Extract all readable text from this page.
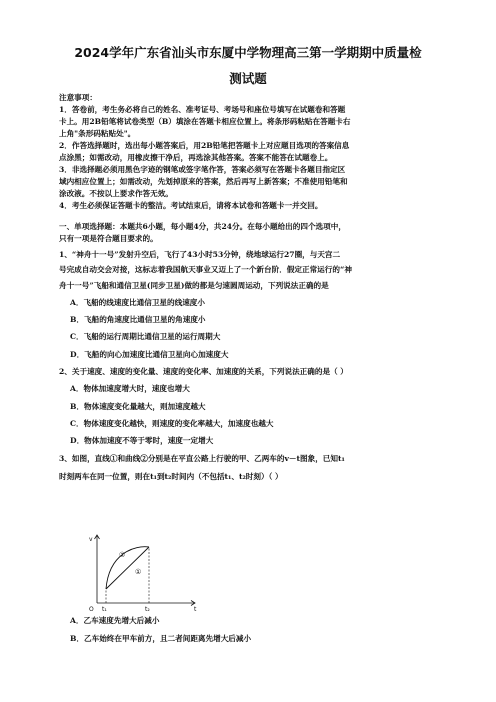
2024学年广东省汕头市东厦中学物理高三第一学期期中质量检
测试题
注意事项：
1．答卷前，考生务必将自己的姓名、准考证号、考场号和座位号填写在试题卷和答题
卡上。用2B铅笔将试卷类型（B）填涂在答题卡相应位置上。将条形码粘贴在答题卡右
上角"条形码粘贴处"。
2．作答选择题时，选出每小题答案后，用2B铅笔把答题卡上对应题目选项的答案信息
点涂黑；如需改动，用橡皮擦干净后，再选涂其他答案。答案不能答在试题卷上。
3．非选择题必须用黑色字迹的钢笔或签字笔作答，答案必须写在答题卡各题目指定区
域内相应位置上；如需改动，先划掉原来的答案，然后再写上新答案；不准使用铅笔和
涂改液。不按以上要求作答无效。
4．考生必须保证答题卡的整洁。考试结束后，请将本试卷和答题卡一并交回。
一、单项选择题：本题共6小题，每小题4分，共24分。在每小题给出的四个选项中，
只有一项是符合题目要求的。
1、“神舟十一号”发射升空后，飞行了43小时53分钟，绕地球运行27圈，与天宫二
号完成自动交会对接，这标志着我国航天事业又迈上了一个新台阶．假定正常运行的“神
舟十一号”飞船和通信卫星(同步卫星)做的都是匀速圆周运动，下列说法正确的是
A．飞船的线速度比通信卫星的线速度小
B．飞船的角速度比通信卫星的角速度小
C．飞船的运行周期比通信卫星的运行周期大
D．飞船的向心加速度比通信卫星向心加速度大
2、关于速度、速度的变化量、速度的变化率、加速度的关系，下列说法正确的是（ ）
A．物体加速度增大时，速度也增大
B．物体速度变化量越大，则加速度越大
C．物体速度变化越快，则速度的变化率越大，加速度也越大
D．物体加速度不等于零时，速度一定增大
3、如图，直线①和曲线②分别是在平直公路上行驶的甲、乙两车的v－t图象，已知t₁
时刻两车在同一位置，则在t₁到t₂时间内（不包括t₁、t₂时刻）（ ）
v
t
O t₁	t₂
②
①
A．乙车速度先增大后减小
B．乙车始终在甲车前方，且二者间距离先增大后减小
